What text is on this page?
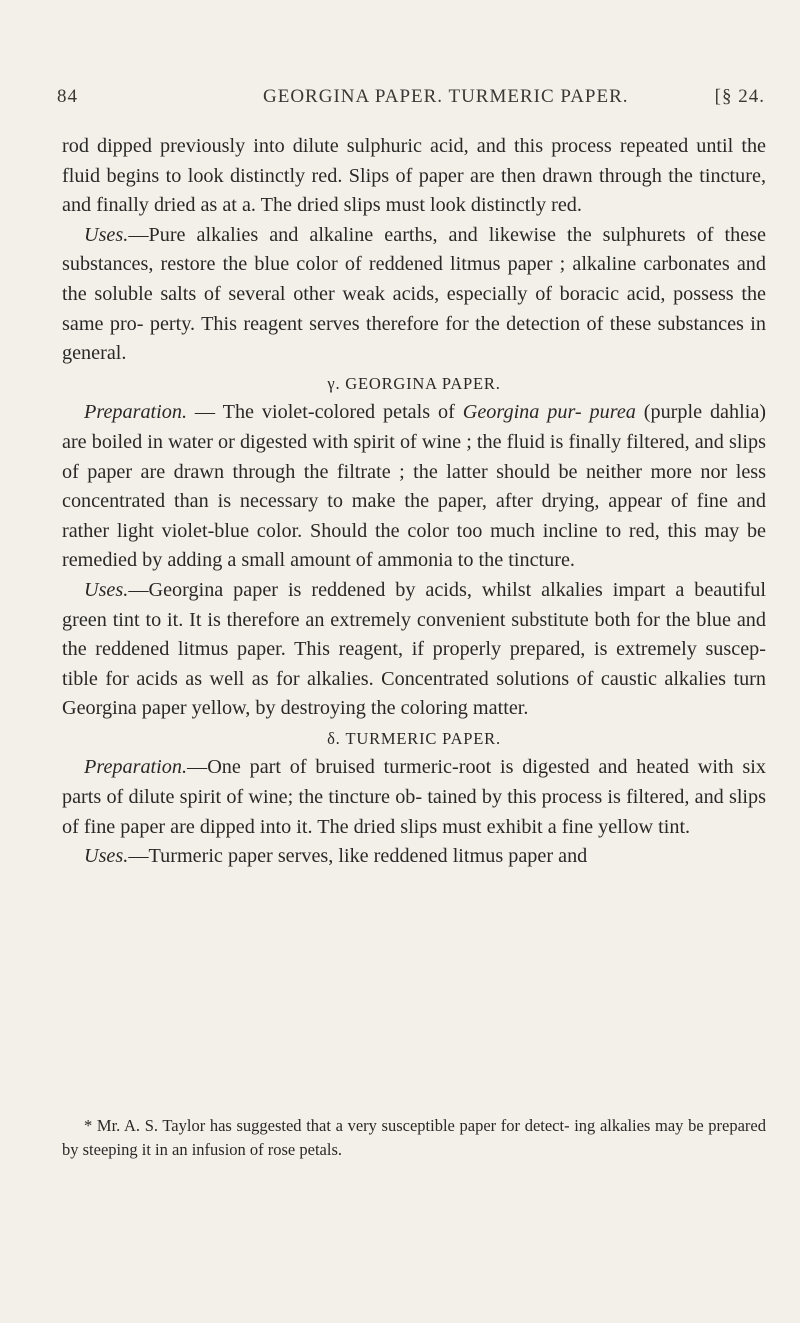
84	GEORGINA PAPER. TURMERIC PAPER.	[§ 24.

rod dipped previously into dilute sulphuric acid, and this process repeated until the fluid begins to look distinctly red. Slips of paper are then drawn through the tincture, and finally dried as at a. The dried slips must look distinctly red.

Uses.—Pure alkalies and alkaline earths, and likewise the sulphurets of these substances, restore the blue color of reddened litmus paper ; alkaline carbonates and the soluble salts of several other weak acids, especially of boracic acid, possess the same pro- perty. This reagent serves therefore for the detection of these substances in general.

γ. GEORGINA PAPER.

Preparation. — The violet-colored petals of Georgina pur- purea (purple dahlia) are boiled in water or digested with spirit of wine ; the fluid is finally filtered, and slips of paper are drawn through the filtrate ; the latter should be neither more nor less concentrated than is necessary to make the paper, after drying, appear of fine and rather light violet-blue color. Should the color too much incline to red, this may be remedied by adding a small amount of ammonia to the tincture.

Uses.—Georgina paper is reddened by acids, whilst alkalies impart a beautiful green tint to it. It is therefore an extremely convenient substitute both for the blue and the reddened litmus paper. This reagent, if properly prepared, is extremely suscep- tible for acids as well as for alkalies. Concentrated solutions of caustic alkalies turn Georgina paper yellow, by destroying the coloring matter.

δ. TURMERIC PAPER.

Preparation.—One part of bruised turmeric-root is digested and heated with six parts of dilute spirit of wine; the tincture ob- tained by this process is filtered, and slips of fine paper are dipped into it. The dried slips must exhibit a fine yellow tint.

Uses.—Turmeric paper serves, like reddened litmus paper and

* Mr. A. S. Taylor has suggested that a very susceptible paper for detect- ing alkalies may be prepared by steeping it in an infusion of rose petals.
